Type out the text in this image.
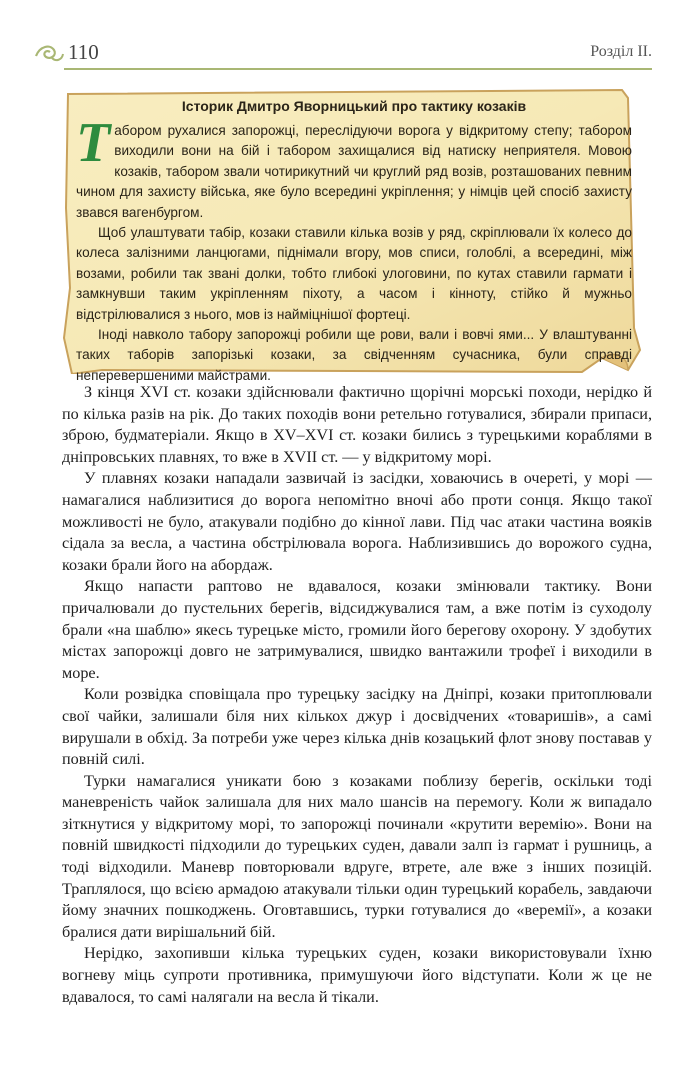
110	Розділ II.
Історик Дмитро Яворницький про тактику козаків

Табором рухалися запорожці, переслідуючи ворога у відкритому степу; табором виходили вони на бій і табором захищалися від натиску неприятеля. Мовою козаків, табором звали чотирикутний чи круглий ряд возів, розташованих певним чином для захисту війська, яке було всередині укріплення; у німців цей спосіб захисту звався вагенбургом.

Щоб улаштувати табір, козаки ставили кілька возів у ряд, скріплювали їх колесо до колеса залізними ланцюгами, піднімали вгору, мов списи, голоблі, а всередині, між возами, робили так звані долки, тобто глибокі улоговини, по кутах ставили гармати і замкнувши таким укріпленням піхоту, а часом і кінноту, стійко й мужньо відстрілювалися з нього, мов із наймiцнішої фортеці.

Іноді навколо табору запорожці робили ще рови, вали і вовчі ями... У влаштуванні таких таборів запорізькі козаки, за свідченням сучасника, були справді неперевершеними майстрами.

З кінця XVI ст. козаки здійснювали фактично щорічні морські походи, нерідко й по кілька разів на рік. До таких походів вони ретельно готувалися, збирали припаси, зброю, будматеріали. Якщо в XV–XVI ст. козаки бились з турецькими кораблями в дніпровських плавнях, то вже в XVII ст. — у відкритому морі.

У плавнях козаки нападали зазвичай із засідки, ховаючись в очереті, у морі — намагалися наблизитися до ворога непомітно вночі або проти сонця. Якщо такої можливості не було, атакували подібно до кінної лави. Під час атаки частина вояків сідала за весла, а частина обстрілювала ворога. Наблизившись до ворожого судна, козаки брали його на абордаж.

Якщо напасти раптово не вдавалося, козаки змінювали тактику. Вони причалювали до пустельних берегів, відсиджувалися там, а вже потім із суходолу брали «на шаблю» якесь турецьке місто, громили його берегову охорону. У здобутих містах запорожці довго не затримувалися, швидко вантажили трофеї і виходили в море.

Коли розвідка сповіщала про турецьку засідку на Дніпрі, козаки притоплювали свої чайки, залишали біля них кількох джур і досвідчених «товаришів», а самі вирушали в обхід. За потреби уже через кілька днів козацький флот знову поставав у повній силі.

Турки намагалися уникати бою з козаками поблизу берегів, оскільки тоді маневреність чайок залишала для них мало шансів на перемогу. Коли ж випадало зіткнутися у відкритому морі, то запорожці починали «крутити веремію». Вони на повній швидкості підходили до турецьких суден, давали залп із гармат і рушниць, а тоді відходили. Маневр повторювали вдруге, втрете, але вже з інших позицій. Траплялося, що всією армадою атакували тільки один турецький корабель, завдаючи йому значних пошкоджень. Оговтавшись, турки готувалися до «веремії», а козаки бралися дати вирішальний бій.

Нерідко, захопивши кілька турецьких суден, козаки використовували їхню вогневу міць супроти противника, примушуючи його відступати. Коли ж це не вдавалося, то самі налягали на весла й тікали.
